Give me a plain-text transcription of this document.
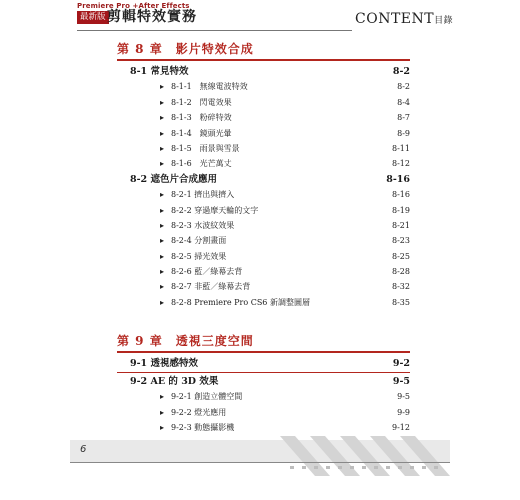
Premiere Pro +After Effects
最新版 剪輯特效實務	CONTENT目錄
第 8 章　影片特效合成
8-1 常見特效	8-2
▸ 8-1-1　無線電波特效	8-2
▸ 8-1-2　閃電效果	8-4
▸ 8-1-3　粉碎特效	8-7
▸ 8-1-4　鏡頭光暈	8-9
▸ 8-1-5　雨景與雪景	8-11
▸ 8-1-6　光芒萬丈	8-12
8-2 遮色片合成應用	8-16
▸ 8-2-1 擠出與擠入	8-16
▸ 8-2-2 穿過摩天輪的文字	8-19
▸ 8-2-3 水波紋效果	8-21
▸ 8-2-4 分割畫面	8-23
▸ 8-2-5 掃光效果	8-25
▸ 8-2-6 藍／綠幕去背	8-28
▸ 8-2-7 非藍／綠幕去背	8-32
▸ 8-2-8 Premiere Pro CS6 新調整圖層	8-35
第 9 章　透視三度空間
9-1 透視感特效	9-2
9-2 AE 的 3D 效果	9-5
▸ 9-2-1 創造立體空間	9-5
▸ 9-2-2 燈光應用	9-9
▸ 9-2-3 動態攝影機	9-12
6
